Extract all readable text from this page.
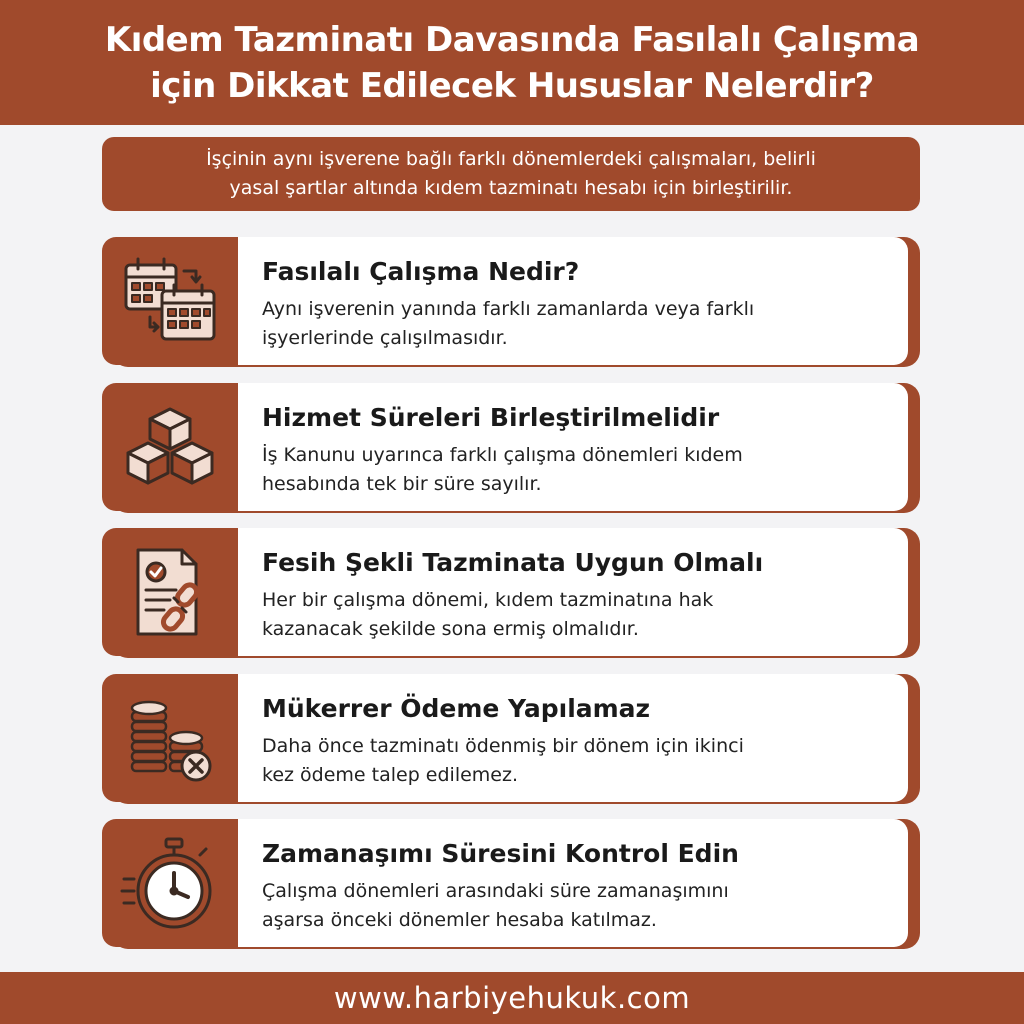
Kıdem Tazminatı Davasında Fasılalı Çalışma
için Dikkat Edilecek Hususlar Nelerdir?
İşçinin aynı işverene bağlı farklı dönemlerdeki çalışmaları, belirli
yasal şartlar altında kıdem tazminatı hesabı için birleştirilir.
Fasılalı Çalışma Nedir?
Aynı işverenin yanında farklı zamanlarda veya farklı
işyerlerinde çalışılmasıdır.
Hizmet Süreleri Birleştirilmelidir
İş Kanunu uyarınca farklı çalışma dönemleri kıdem
hesabında tek bir süre sayılır.
Fesih Şekli Tazminata Uygun Olmalı
Her bir çalışma dönemi, kıdem tazminatına hak
kazanacak şekilde sona ermiş olmalıdır.
Mükerrer Ödeme Yapılamaz
Daha önce tazminatı ödenmiş bir dönem için ikinci
kez ödeme talep edilemez.
Zamanaşımı Süresini Kontrol Edin
Çalışma dönemleri arasındaki süre zamanaşımını
aşarsa önceki dönemler hesaba katılmaz.
www.harbiyehukuk.com
